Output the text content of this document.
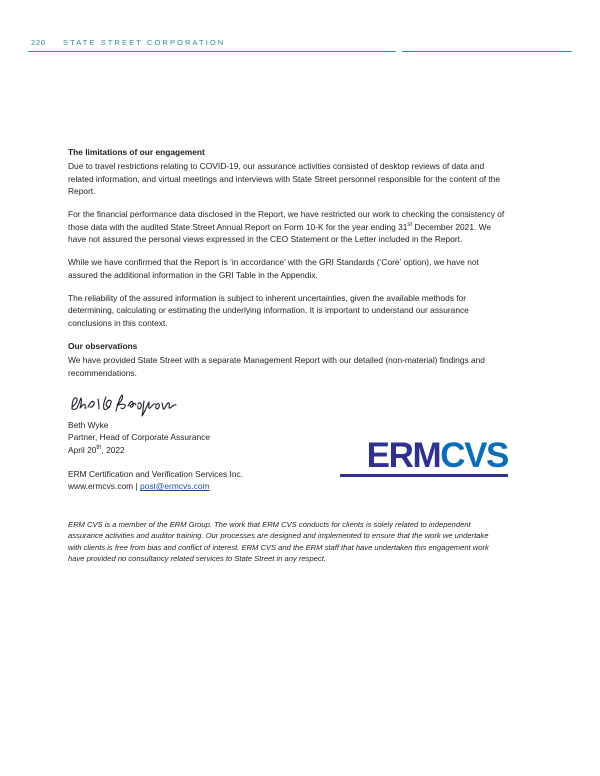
220 STATE STREET CORPORATION
The limitations of our engagement

Due to travel restrictions relating to COVID-19, our assurance activities consisted of desktop reviews of data and related information, and virtual meetings and interviews with State Street personnel responsible for the content of the Report.

For the financial performance data disclosed in the Report, we have restricted our work to checking the consistency of those data with the audited State Street Annual Report on Form 10-K for the year ending 31st December 2021. We have not assured the personal views expressed in the CEO Statement or the Letter included in the Report.

While we have confirmed that the Report is ‘in accordance’ with the GRI Standards (‘Core’ option), we have not assured the additional information in the GRI Table in the Appendix.

The reliability of the assured information is subject to inherent uncertainties, given the available methods for determining, calculating or estimating the underlying information. It is important to understand our assurance conclusions in this context.

Our observations

We have provided State Street with a separate Management Report with our detailed (non-material) findings and recommendations.

Beth Wyke
Partner, Head of Corporate Assurance
April 20th, 2022
ERM Certification and Verification Services Inc.
www.ermcvs.com | post@ermcvs.com
ERMCVS
ERM CVS is a member of the ERM Group. The work that ERM CVS conducts for clients is solely related to independent assurance activities and auditor training. Our processes are designed and implemented to ensure that the work we undertake with clients is free from bias and conflict of interest. ERM CVS and the ERM staff that have undertaken this engagement work have provided no consultancy related services to State Street in any respect.
